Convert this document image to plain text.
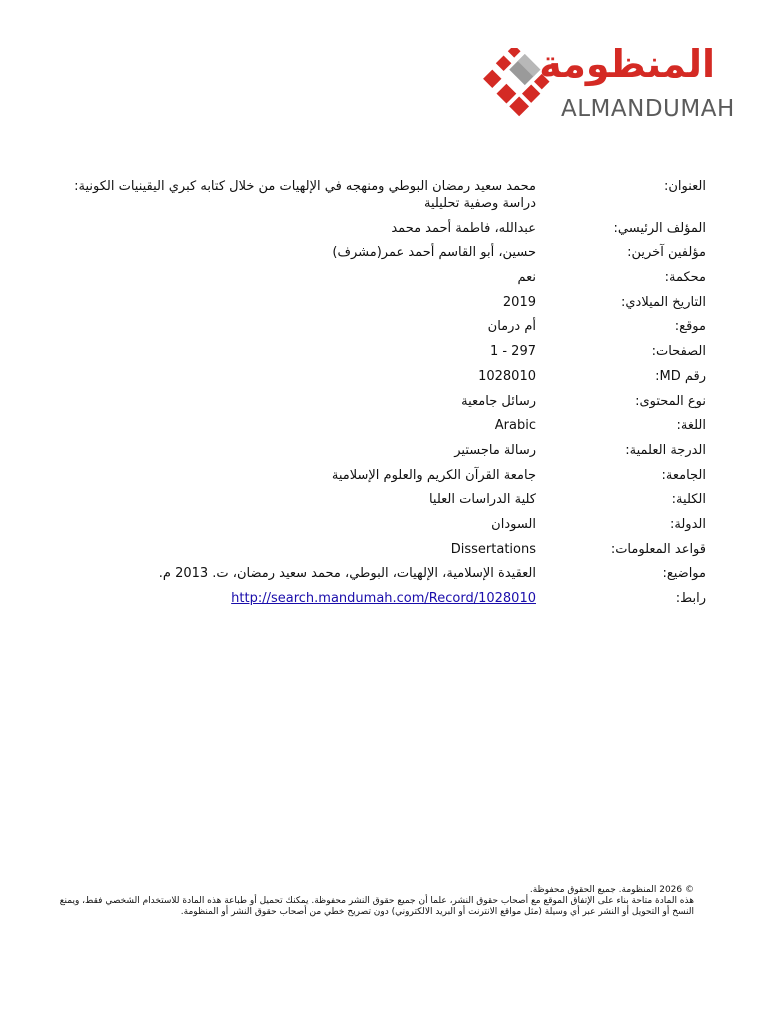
المنظومة
ALMANDUMAH
العنوان:
محمد سعيد رمضان البوطي ومنهجه في الإلهيات من خلال كتابه كبري اليقينيات الكونية: دراسة وصفية تحليلية
المؤلف الرئيسي:
عبدالله، فاطمة أحمد محمد
مؤلفين آخرين:
حسين، أبو القاسم أحمد عمر(مشرف)
محكمة:
نعم
التاريخ الميلادي:
2019
موقع:
أم درمان
الصفحات:
1 - 297
رقم MD:
1028010
نوع المحتوى:
رسائل جامعية
اللغة:
Arabic
الدرجة العلمية:
رسالة ماجستير
الجامعة:
جامعة القرآن الكريم والعلوم الإسلامية
الكلية:
كلية الدراسات العليا
الدولة:
السودان
قواعد المعلومات:
Dissertations
مواضيع:
العقيدة الإسلامية، الإلهيات، البوطي، محمد سعيد رمضان، ت. 2013 م.
رابط:
http://search.mandumah.com/Record/1028010

© 2026 المنظومة. جميع الحقوق محفوظة.

هذه المادة متاحة بناء على الإتفاق الموقع مع أصحاب حقوق النشر، علما أن جميع حقوق النشر محفوظة. يمكنك تحميل أو طباعة هذه المادة للاستخدام الشخصي فقط، ويمنع النسخ أو التحويل أو النشر عبر أي وسيلة (مثل مواقع الانترنت أو البريد الالكتروني) دون تصريح خطي من أصحاب حقوق النشر أو المنظومة.
